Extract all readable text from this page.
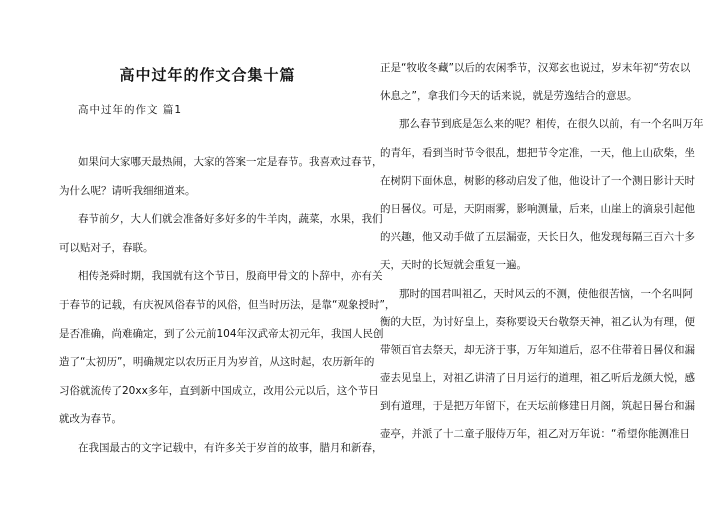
高中过年的作文合集十篇
高中过年的作文 篇1
如果问大家哪天最热闹，大家的答案一定是春节。我喜欢过春节，
为什么呢？请听我细细道来。
春节前夕，大人们就会准备好多好多的牛羊肉，蔬菜，水果，我们
可以贴对子，春联。
相传尧舜时期，我国就有这个节日，殷商甲骨文的卜辞中，亦有关
于春节的记载，有庆祝风俗春节的风俗，但当时历法，是靠“观象授时”，
是否准确，尚难确定，到了公元前104年汉武帝太初元年，我国人民创
造了“太初历”，明确规定以农历正月为岁首，从这时起，农历新年的
习俗就流传了20xx多年，直到新中国成立，改用公元以后，这个节日
就改为春节。
在我国最古的文字记载中，有许多关于岁首的故事，腊月和新春，
正是“牧收冬藏”以后的农闲季节，汉郑玄也说过，岁末年初“劳农以
休息之”，拿我们今天的话来说，就是劳逸结合的意思。
那么春节到底是怎么来的呢？相传，在很久以前，有一个名叫万年
的青年，看到当时节令很乱，想把节令定准，一天，他上山砍柴，坐
在树阴下面休息，树影的移动启发了他，他设计了一个测日影计天时
的日晷仪。可是，天阴雨雾，影响测量，后来，山崖上的滴泉引起他
的兴趣，他又动手做了五层漏壶，天长日久，他发现每隔三百六十多
天，天时的长短就会重复一遍。
那时的国君叫祖乙，天时风云的不测，使他很苦恼，一个名叫阿
衡的大臣，为讨好皇上，奏称要设天台敬祭天神，祖乙认为有理，便
带领百官去祭天，却无济于事，万年知道后，忍不住带着日晷仪和漏
壶去见皇上，对祖乙讲清了日月运行的道理，祖乙听后龙颜大悦，感
到有道理，于是把万年留下，在天坛前修建日月阁，筑起日晷台和漏
壶亭，并派了十二童子服侍万年，祖乙对万年说：“希望你能测准日
